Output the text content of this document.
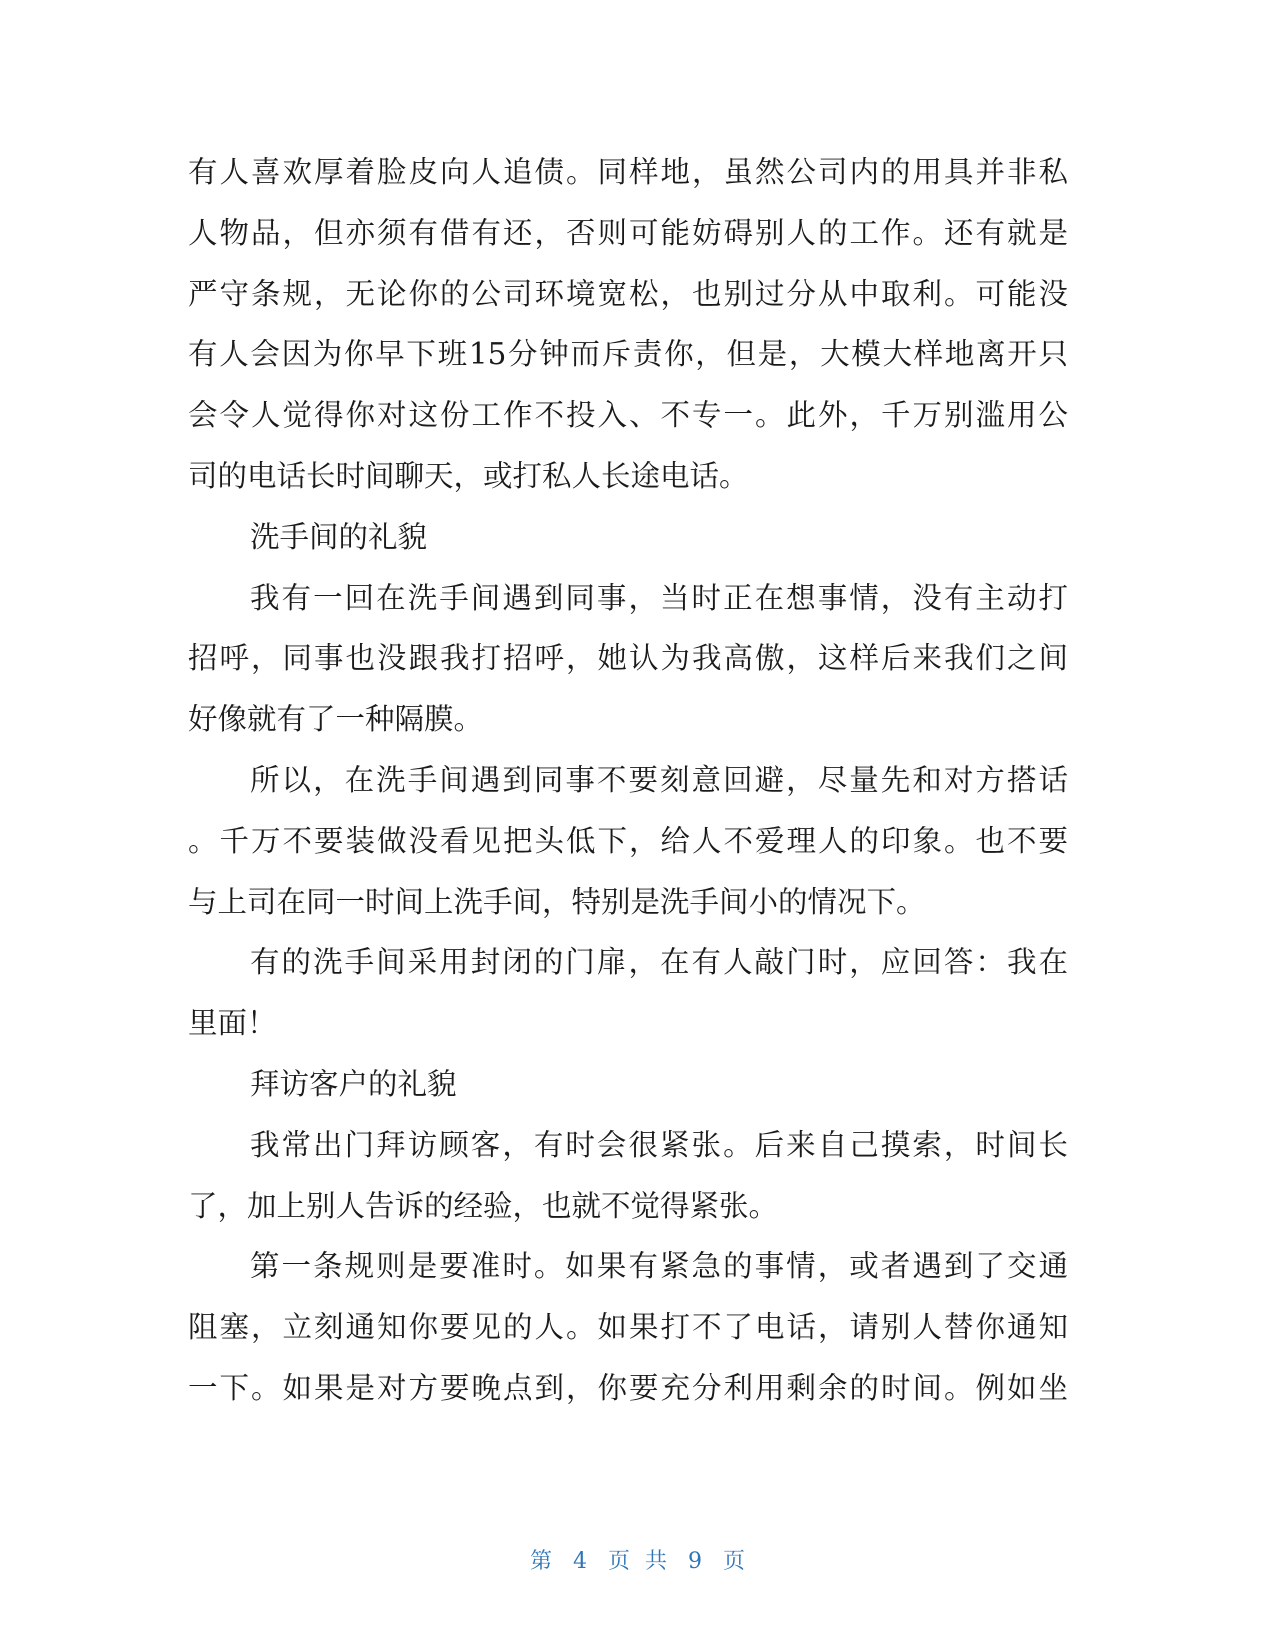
有人喜欢厚着脸皮向人追债。同样地，虽然公司内的用具并非私
人物品，但亦须有借有还，否则可能妨碍别人的工作。还有就是
严守条规，无论你的公司环境宽松，也别过分从中取利。可能没
有人会因为你早下班15分钟而斥责你，但是，大模大样地离开只
会令人觉得你对这份工作不投入、不专一。此外，千万别滥用公
司的电话长时间聊天，或打私人长途电话。
洗手间的礼貌
我有一回在洗手间遇到同事，当时正在想事情，没有主动打
招呼，同事也没跟我打招呼，她认为我高傲，这样后来我们之间
好像就有了一种隔膜。
所以，在洗手间遇到同事不要刻意回避，尽量先和对方搭话
。千万不要装做没看见把头低下，给人不爱理人的印象。也不要
与上司在同一时间上洗手间，特别是洗手间小的情况下。
有的洗手间采用封闭的门扉，在有人敲门时，应回答：我在
里面！
拜访客户的礼貌
我常出门拜访顾客，有时会很紧张。后来自己摸索，时间长
了，加上别人告诉的经验，也就不觉得紧张。
第一条规则是要准时。如果有紧急的事情，或者遇到了交通
阻塞，立刻通知你要见的人。如果打不了电话，请别人替你通知
一下。如果是对方要晚点到，你要充分利用剩余的时间。例如坐
第 4 页 共 9 页
